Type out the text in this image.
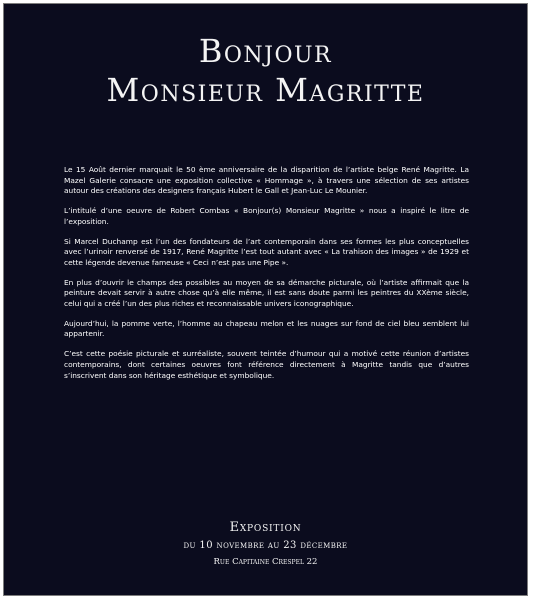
Bonjour
Monsieur Magritte

Le 15 Août dernier marquait le 50 ème anniversaire de la disparition de l’artiste belge René Magritte. La Mazel Galerie consacre une exposition collective « Hommage », à travers une sélection de ses artistes autour des créations des designers français Hubert le Gall et Jean-Luc Le Mounier.

L’intitulé d’une oeuvre de Robert Combas « Bonjour(s) Monsieur Magritte » nous a inspiré le litre de l’exposition.

Si Marcel Duchamp est l’un des fondateurs de l’art contemporain dans ses formes les plus conceptuelles avec l’urinoir renversé de 1917, René Magritte l’est tout autant avec « La trahison des images » de 1929 et cette légende devenue fameuse « Ceci n’est pas une Pipe ».

En plus d’ouvrir le champs des possibles au moyen de sa démarche picturale, où l’artiste affirmait que la peinture devait servir à autre chose qu’à elle même, il est sans doute parmi les peintres du XXème siècle, celui qui a créé l’un des plus riches et reconnaissable univers iconographique.

Aujourd’hui, la pomme verte, l’homme au chapeau melon et les nuages sur fond de ciel bleu semblent lui appartenir.

C’est cette poésie picturale et surréaliste, souvent teintée d’humour qui a motivé cette réunion d’artistes contemporains, dont certaines oeuvres font référence directement à Magritte tandis que d’autres s’inscrivent dans son héritage esthétique et symbolique.

Exposition
du 10 novembre au 23 décembre
Rue Capitaine Crespel 22
